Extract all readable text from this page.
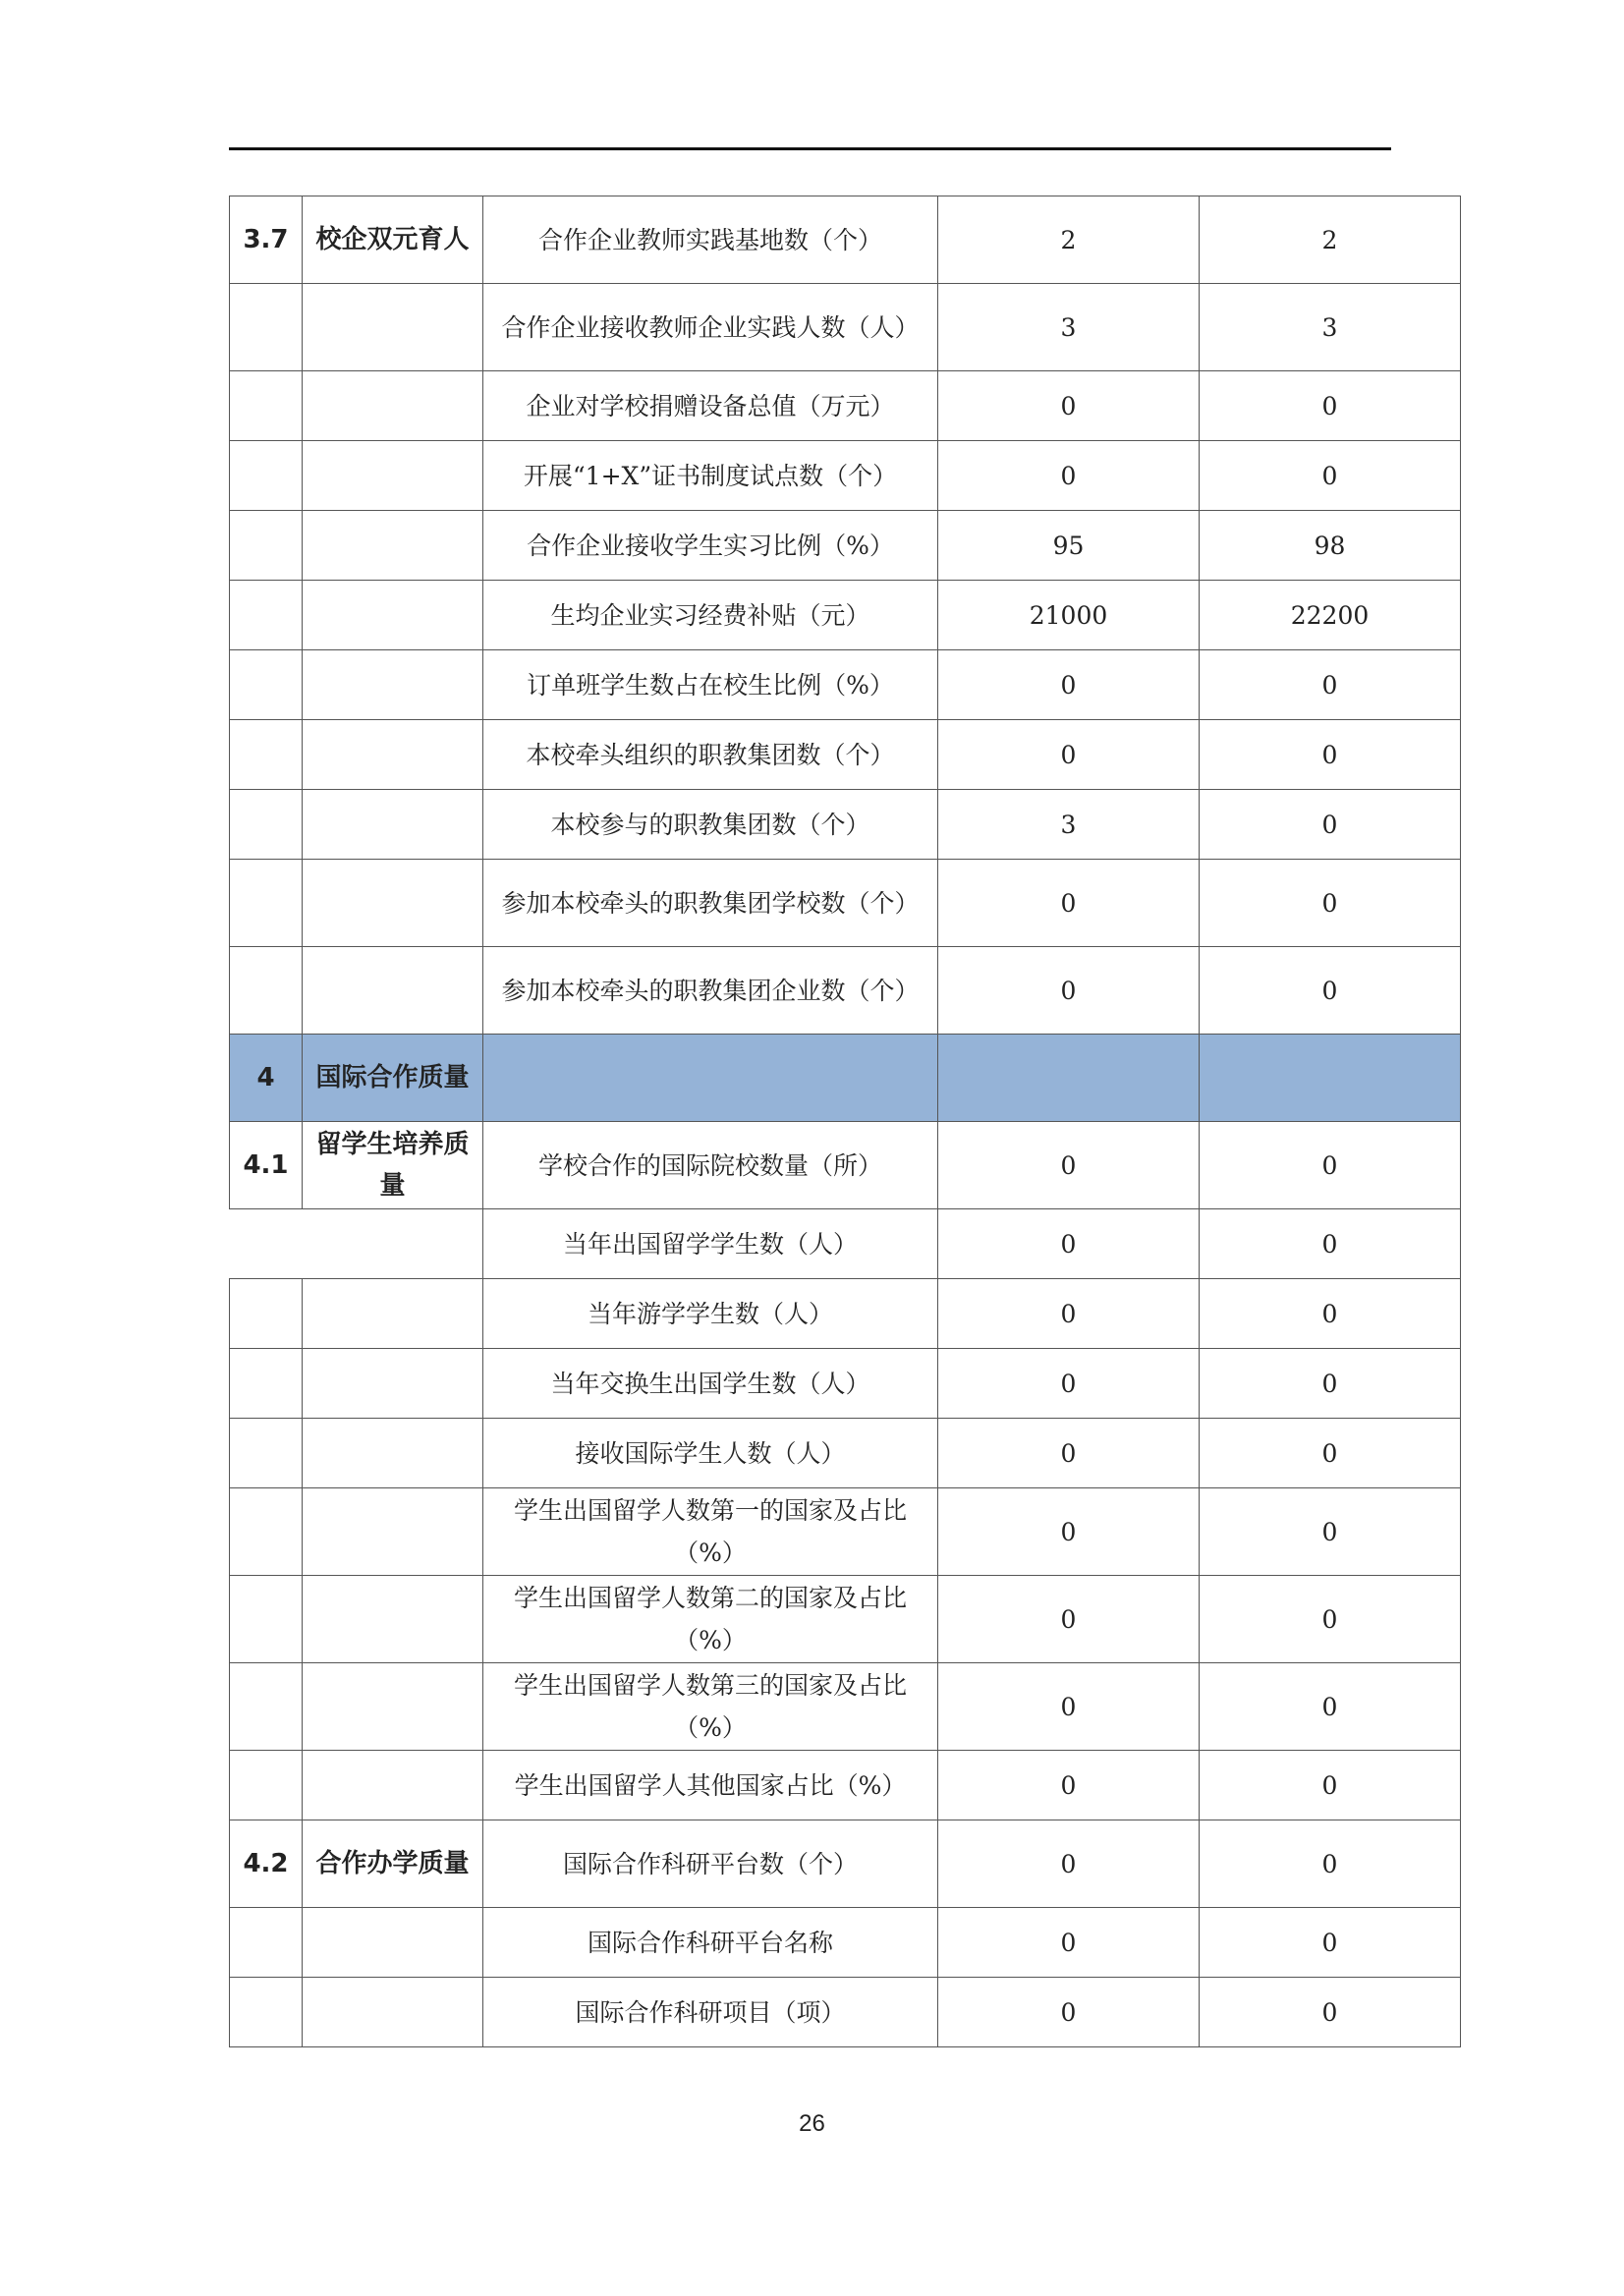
3.7	校企双元育人	合作企业教师实践基地数（个）	2	2
		合作企业接收教师企业实践人数（人）	3	3
		企业对学校捐赠设备总值（万元）	0	0
		开展“1+X”证书制度试点数（个）	0	0
		合作企业接收学生实习比例（%）	95	98
		生均企业实习经费补贴（元）	21000	22200
		订单班学生数占在校生比例（%）	0	0
		本校牵头组织的职教集团数（个）	0	0
		本校参与的职教集团数（个）	3	0
		参加本校牵头的职教集团学校数（个）	0	0
		参加本校牵头的职教集团企业数（个）	0	0
4	国际合作质量			
4.1	留学生培养质量	学校合作的国际院校数量（所）	0	0
		当年出国留学学生数（人）	0	0
		当年游学学生数（人）	0	0
		当年交换生出国学生数（人）	0	0
		接收国际学生人数（人）	0	0
		学生出国留学人数第一的国家及占比（%）	0	0
		学生出国留学人数第二的国家及占比（%）	0	0
		学生出国留学人数第三的国家及占比（%）	0	0
		学生出国留学人其他国家占比（%）	0	0
4.2	合作办学质量	国际合作科研平台数（个）	0	0
		国际合作科研平台名称	0	0
		国际合作科研项目（项）	0	0
26
